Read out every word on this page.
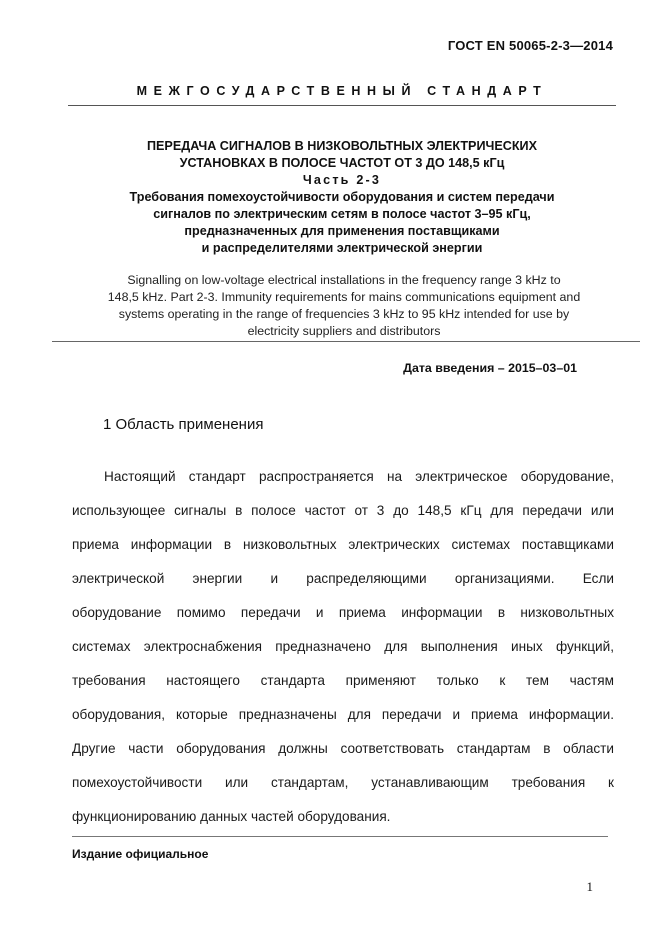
ГОСТ EN 50065-2-3—2014
МЕЖГОСУДАРСТВЕННЫЙ СТАНДАРТ
ПЕРЕДАЧА СИГНАЛОВ В НИЗКОВОЛЬТНЫХ ЭЛЕКТРИЧЕСКИХ
УСТАНОВКАХ В ПОЛОСЕ ЧАСТОТ ОТ 3 ДО 148,5 кГц
Часть 2-3
Требования помехоустойчивости оборудования и систем передачи
сигналов по электрическим сетям в полосе частот 3–95 кГц,
предназначенных для применения поставщиками
и распределителями электрической энергии
Signalling on low-voltage electrical installations in the frequency range 3 kHz to
148,5 kHz. Part 2-3. Immunity requirements for mains communications equipment and
systems operating in the range of frequencies 3 kHz to 95 kHz intended for use by
electricity suppliers and distributors
Дата введения – 2015–03–01
1 Область применения
Настоящий стандарт распространяется на электрическое оборудование,
использующее сигналы в полосе частот от 3 до 148,5 кГц для передачи или
приема информации в низковольтных электрических системах поставщиками
электрической энергии и распределяющими организациями. Если
оборудование помимо передачи и приема информации в низковольтных
системах электроснабжения предназначено для выполнения иных функций,
требования настоящего стандарта применяют только к тем частям
оборудования, которые предназначены для передачи и приема информации.
Другие части оборудования должны соответствовать стандартам в области
помехоустойчивости или стандартам, устанавливающим требования к
функционированию данных частей оборудования.
Издание официальное
1
